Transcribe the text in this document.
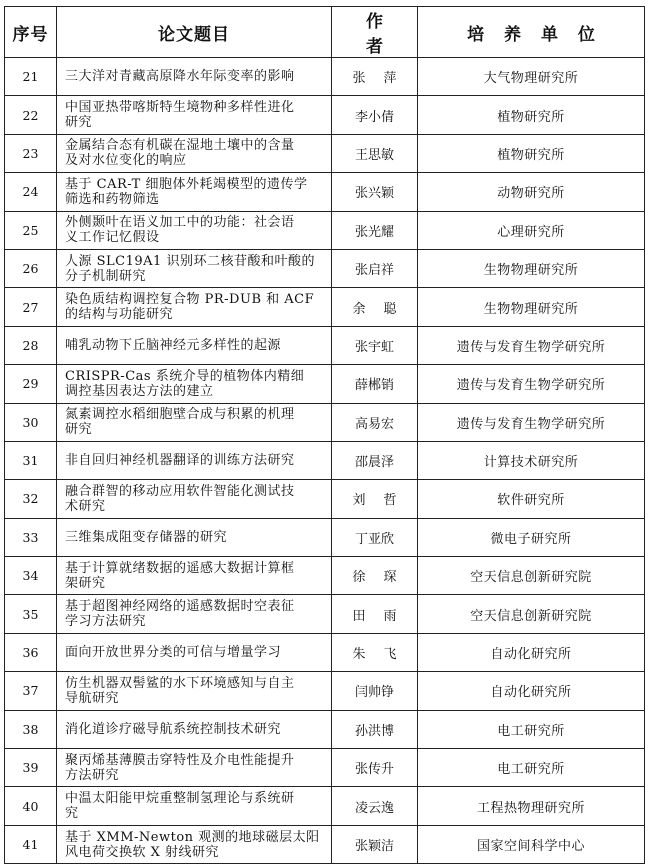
序号	论文题目	作 者	培 养 单 位
21	三大洋对青藏高原降水年际变率的影响	张萍	大气物理研究所
22	中国亚热带喀斯特生境物种多样性进化
研究	李小倩	植物研究所
23	金属结合态有机碳在湿地土壤中的含量
及对水位变化的响应	王思敏	植物研究所
24	基于 CAR-T 细胞体外耗竭模型的遗传学
筛选和药物筛选	张兴颖	动物研究所
25	外侧颞叶在语义加工中的功能：社会语
义工作记忆假设	张光耀	心理研究所
26	人源 SLC19A1 识别环二核苷酸和叶酸的
分子机制研究	张启祥	生物物理研究所
27	染色质结构调控复合物 PR-DUB 和 ACF
的结构与功能研究	余聪	生物物理研究所
28	哺乳动物下丘脑神经元多样性的起源	张宇虹	遗传与发育生物学研究所
29	CRISPR-Cas 系统介导的植物体内精细
调控基因表达方法的建立	薛郴销	遗传与发育生物学研究所
30	氮素调控水稻细胞壁合成与积累的机理
研究	高易宏	遗传与发育生物学研究所
31	非自回归神经机器翻译的训练方法研究	邵晨泽	计算技术研究所
32	融合群智的移动应用软件智能化测试技
术研究	刘哲	软件研究所
33	三维集成阻变存储器的研究	丁亚欣	微电子研究所
34	基于计算就绪数据的遥感大数据计算框
架研究	徐琛	空天信息创新研究院
35	基于超图神经网络的遥感数据时空表征
学习方法研究	田雨	空天信息创新研究院
36	面向开放世界分类的可信与增量学习	朱飞	自动化研究所
37	仿生机器双髻鲨的水下环境感知与自主
导航研究	闫帅铮	自动化研究所
38	消化道诊疗磁导航系统控制技术研究	孙洪博	电工研究所
39	聚丙烯基薄膜击穿特性及介电性能提升
方法研究	张传升	电工研究所
40	中温太阳能甲烷重整制氢理论与系统研
究	凌云逸	工程热物理研究所
41	基于 XMM-Newton 观测的地球磁层太阳
风电荷交换软 X 射线研究	张颖洁	国家空间科学中心
